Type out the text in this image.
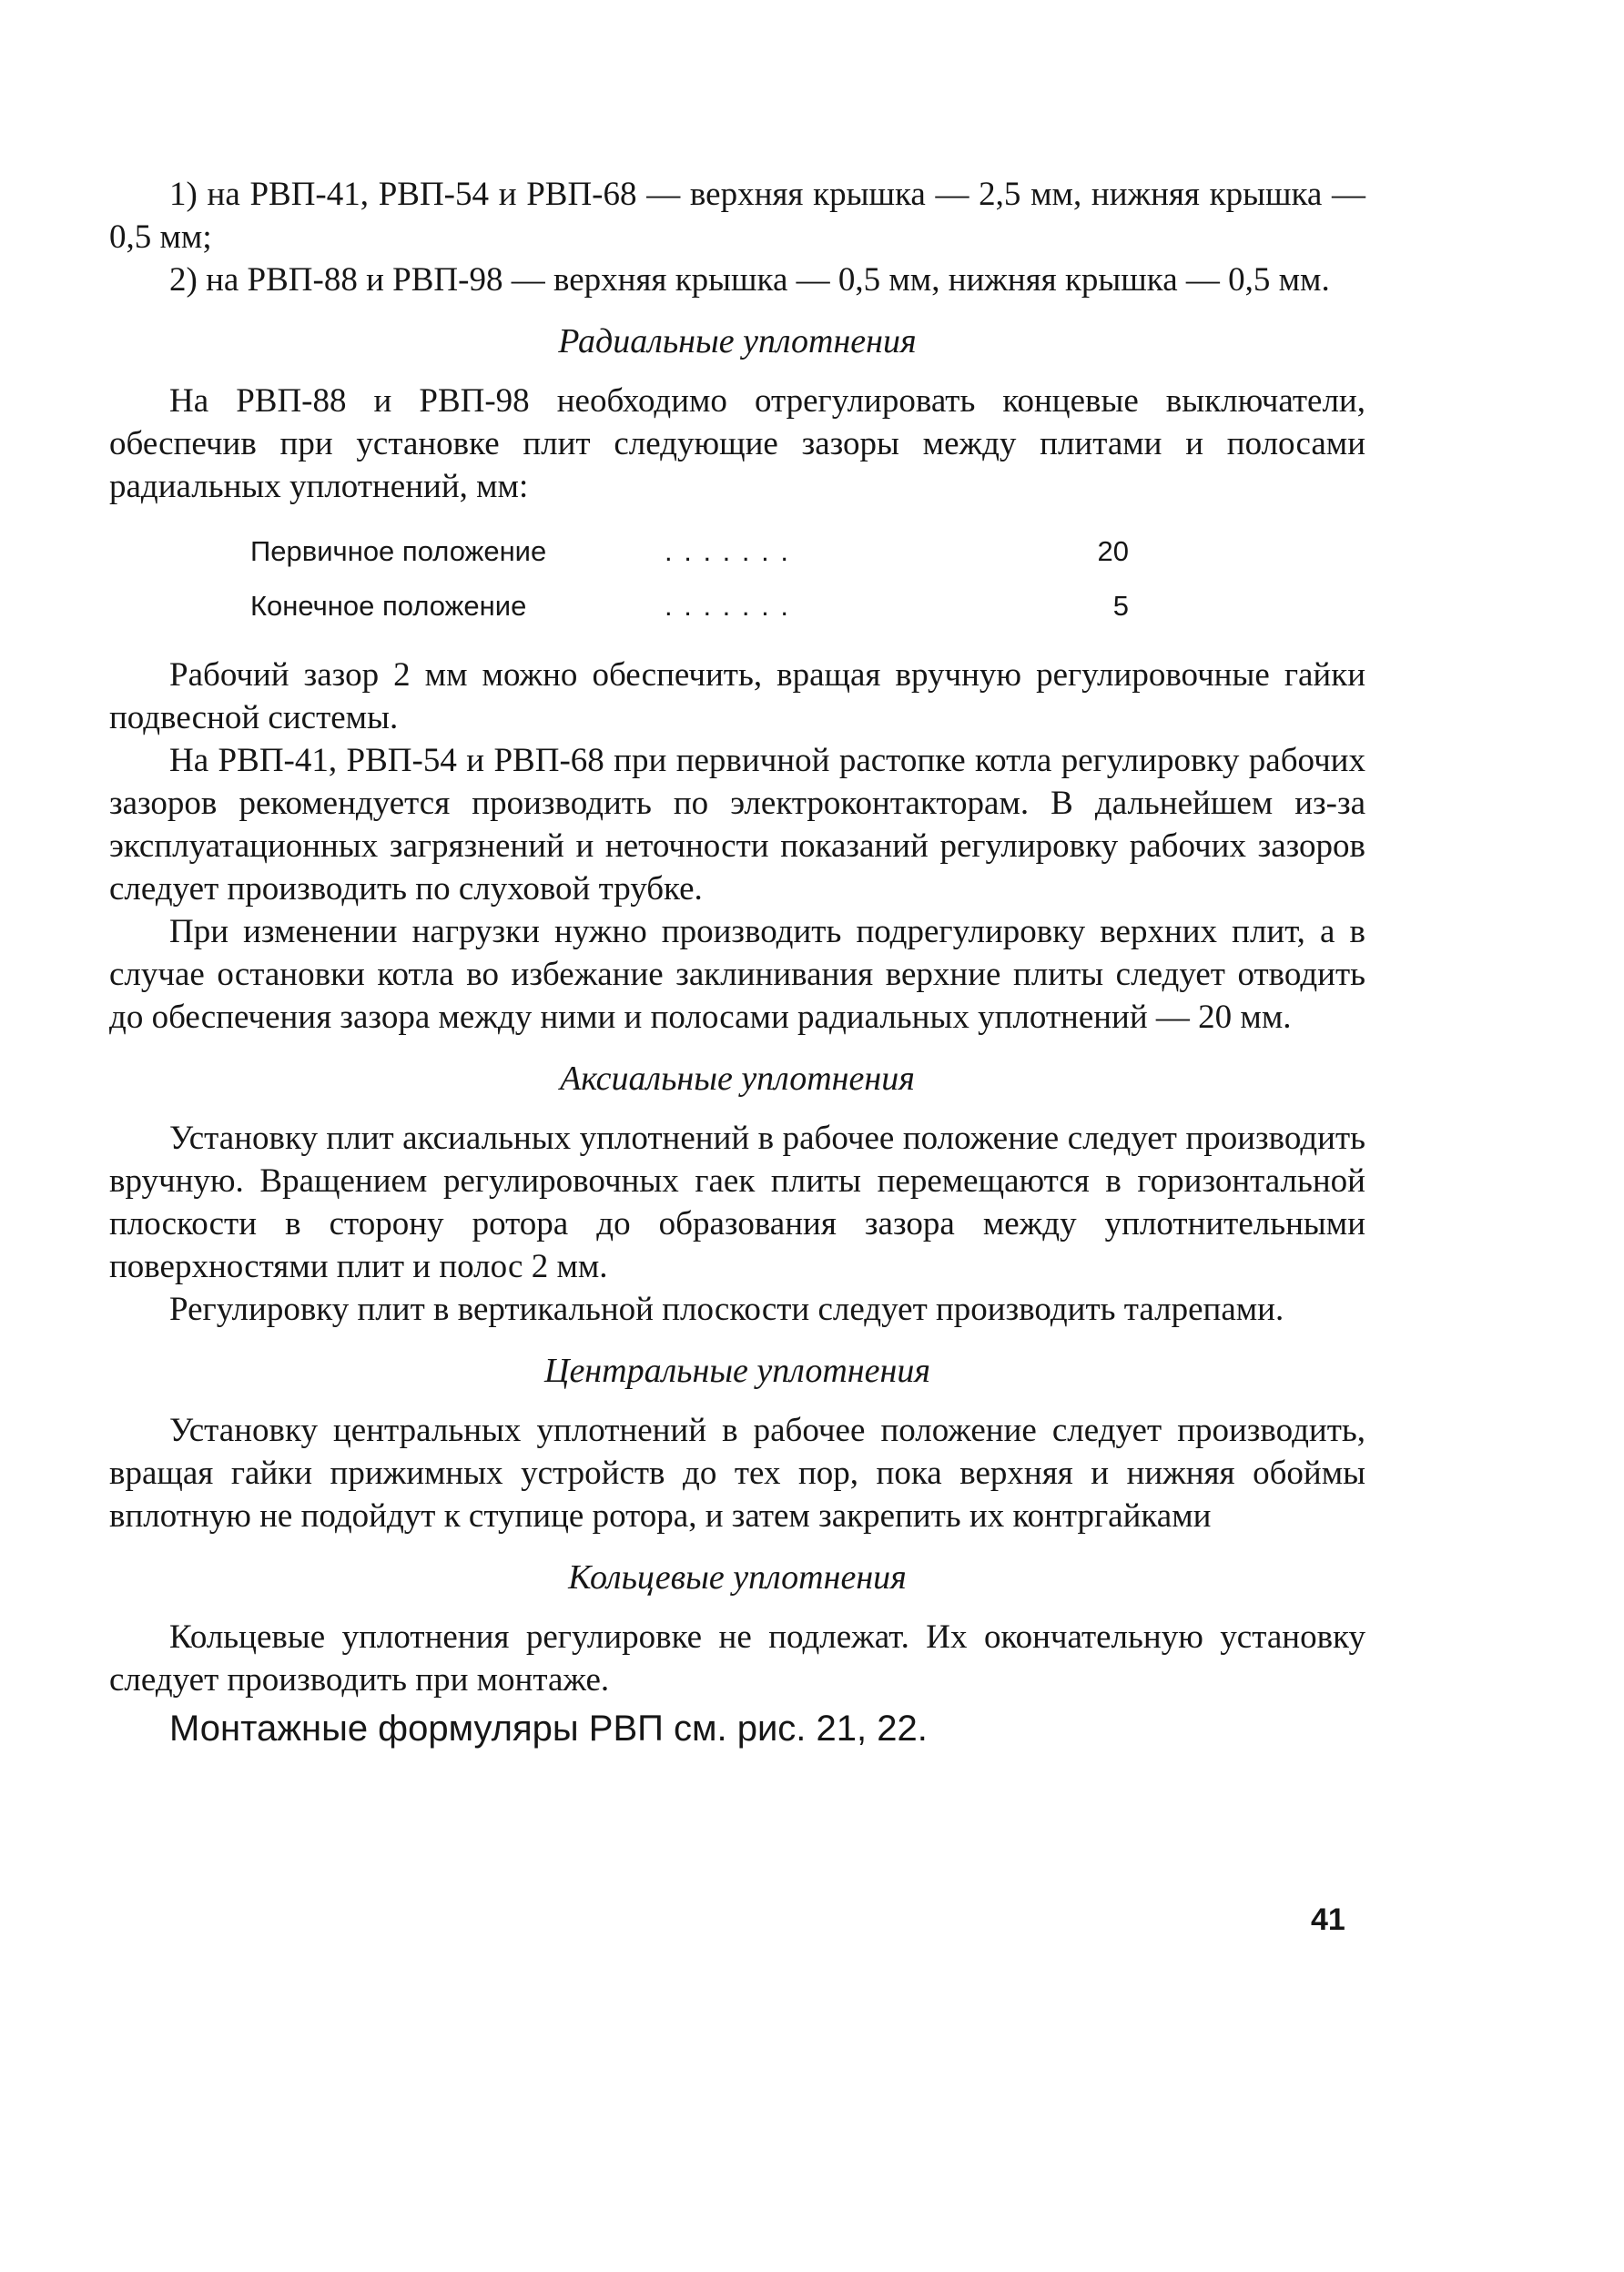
1) на РВП-41, РВП-54 и РВП-68 — верхняя крышка — 2,5 мм, нижняя крышка — 0,5 мм;

2) на РВП-88 и РВП-98 — верхняя крышка — 0,5 мм, нижняя крышка — 0,5 мм.

Радиальные уплотнения

На РВП-88 и РВП-98 необходимо отрегулировать концевые выключатели, обеспечив при установке плит следующие зазоры между плитами и полосами радиальных уплотнений, мм:

Первичное положение	. . . . . . .	20
Конечное положение	. . . . . . .	5

Рабочий зазор 2 мм можно обеспечить, вращая вручную регулировочные гайки подвесной системы.

На РВП-41, РВП-54 и РВП-68 при первичной растопке котла регулировку рабочих зазоров рекомендуется производить по электроконтакторам. В дальнейшем из-за эксплуатационных загрязнений и неточности показаний регулировку рабочих зазоров следует производить по слуховой трубке.

При изменении нагрузки нужно производить подрегулировку верхних плит, а в случае остановки котла во избежание заклинивания верхние плиты следует отводить до обеспечения зазора между ними и полосами радиальных уплотнений — 20 мм.

Аксиальные уплотнения

Установку плит аксиальных уплотнений в рабочее положение следует производить вручную. Вращением регулировочных гаек плиты перемещаются в горизонтальной плоскости в сторону ротора до образования зазора между уплотнительными поверхностями плит и полос 2 мм.

Регулировку плит в вертикальной плоскости следует производить талрепами.

Центральные уплотнения

Установку центральных уплотнений в рабочее положение следует производить, вращая гайки прижимных устройств до тех пор, пока верхняя и нижняя обоймы вплотную не подойдут к ступице ротора, и затем закрепить их контргайками

Кольцевые уплотнения

Кольцевые уплотнения регулировке не подлежат. Их окончательную установку следует производить при монтаже.

Монтажные формуляры РВП см. рис. 21, 22.

41
